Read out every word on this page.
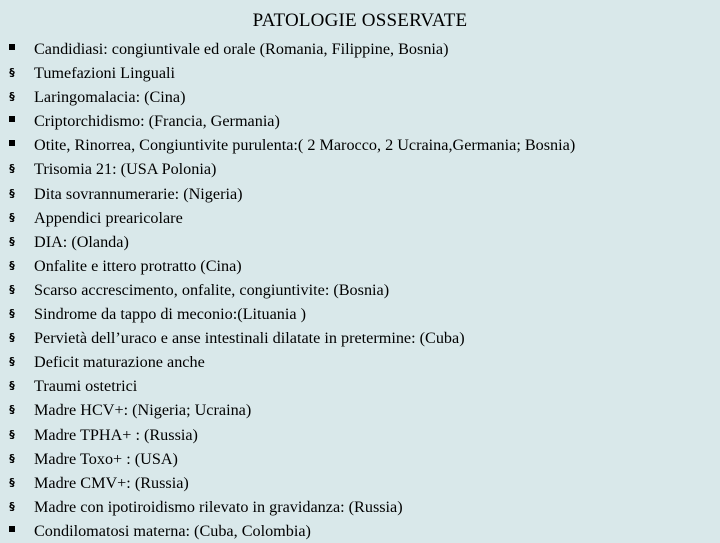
PATOLOGIE OSSERVATE
Candidiasi: congiuntivale ed orale (Romania, Filippine, Bosnia)
§
Tumefazioni Linguali
§
Laringomalacia: (Cina)
Criptorchidismo: (Francia, Germania)
Otite, Rinorrea, Congiuntivite purulenta:( 2 Marocco, 2 Ucraina,Germania; Bosnia)
§
Trisomia 21: (USA Polonia)
§
Dita sovrannumerarie: (Nigeria)
§
Appendici prearicolare
§
DIA: (Olanda)
§
Onfalite e ittero protratto (Cina)
§
Scarso accrescimento, onfalite, congiuntivite: (Bosnia)
§
Sindrome da tappo di meconio:(Lituania )
§
Pervietà dell’uraco e anse intestinali dilatate in pretermine: (Cuba)
§
Deficit maturazione anche
§
Traumi ostetrici
§
Madre HCV+: (Nigeria; Ucraina)
§
Madre TPHA+ : (Russia)
§
Madre Toxo+ : (USA)
§
Madre CMV+: (Russia)
§
Madre con ipotiroidismo rilevato in gravidanza: (Russia)
Condilomatosi materna: (Cuba, Colombia)
